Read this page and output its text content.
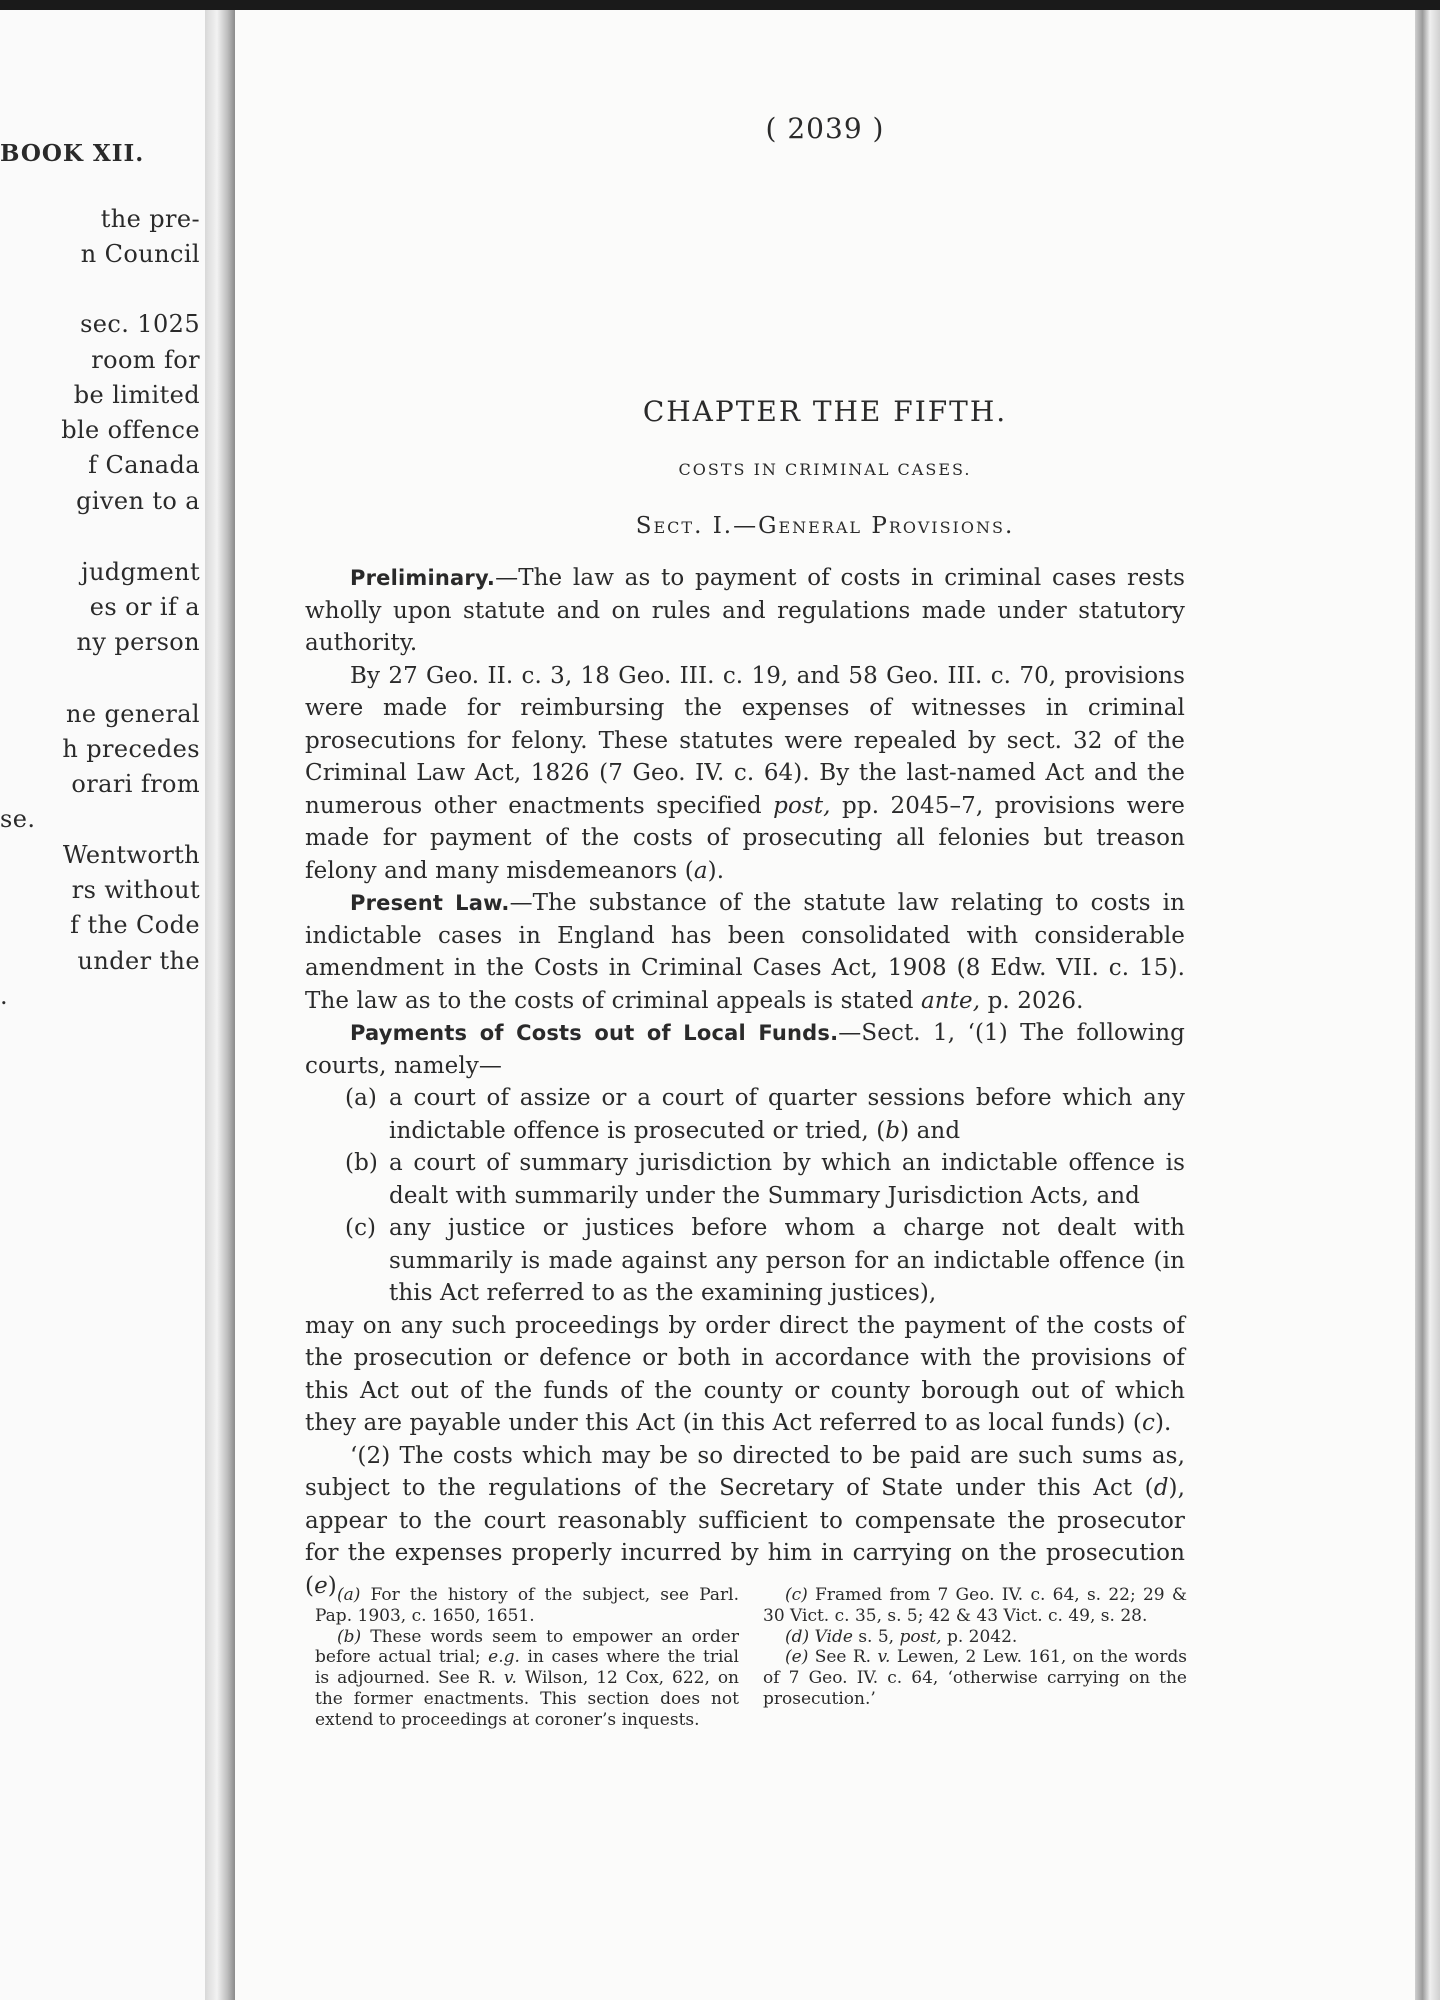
BOOK XII.
the pre-
n Council
sec. 1025
room for
be limited
ble offence
f Canada
given to a
judgment
es or if a
ny person
ne general
h precedes
orari from
se.
Wentworth
rs without
f the Code
under the
.
( 2039 )
CHAPTER THE FIFTH.
COSTS IN CRIMINAL CASES.
Sect. I.—General Provisions.

Preliminary.—The law as to payment of costs in criminal cases rests wholly upon statute and on rules and regulations made under statutory authority.

By 27 Geo. II. c. 3, 18 Geo. III. c. 19, and 58 Geo. III. c. 70, provisions were made for reimbursing the expenses of witnesses in criminal prosecutions for felony. These statutes were repealed by sect. 32 of the Criminal Law Act, 1826 (7 Geo. IV. c. 64). By the last-named Act and the numerous other enactments specified post, pp. 2045–7, provisions were made for payment of the costs of prosecuting all felonies but treason felony and many misdemeanors (a).

Present Law.—The substance of the statute law relating to costs in indictable cases in England has been consolidated with considerable amendment in the Costs in Criminal Cases Act, 1908 (8 Edw. VII. c. 15). The law as to the costs of criminal appeals is stated ante, p. 2026.

Payments of Costs out of Local Funds.—Sect. 1, ‘(1) The following courts, namely—

(a) a court of assize or a court of quarter sessions before which any indictable offence is prosecuted or tried, (b) and

(b) a court of summary jurisdiction by which an indictable offence is dealt with summarily under the Summary Jurisdiction Acts, and

(c) any justice or justices before whom a charge not dealt with summarily is made against any person for an indictable offence (in this Act referred to as the examining justices),

may on any such proceedings by order direct the payment of the costs of the prosecution or defence or both in accordance with the provisions of this Act out of the funds of the county or county borough out of which they are payable under this Act (in this Act referred to as local funds) (c).

‘(2) The costs which may be so directed to be paid are such sums as, subject to the regulations of the Secretary of State under this Act (d), appear to the court reasonably sufficient to compensate the prosecutor for the expenses properly incurred by him in carrying on the prosecution (e) (a) For the history of the subject, see Parl. Pap. 1903, c. 1650, 1651.

(b) These words seem to empower an order before actual trial; e.g. in cases where the trial is adjourned. See R. v. Wilson, 12 Cox, 622, on the former enactments. This section does not extend to proceedings at coroner’s inquests.

(c) Framed from 7 Geo. IV. c. 64, s. 22; 29 & 30 Vict. c. 35, s. 5; 42 & 43 Vict. c. 49, s. 28.

(d) Vide s. 5, post, p. 2042.

(e) See R. v. Lewen, 2 Lew. 161, on the words of 7 Geo. IV. c. 64, ‘otherwise carrying on the prosecution.’
